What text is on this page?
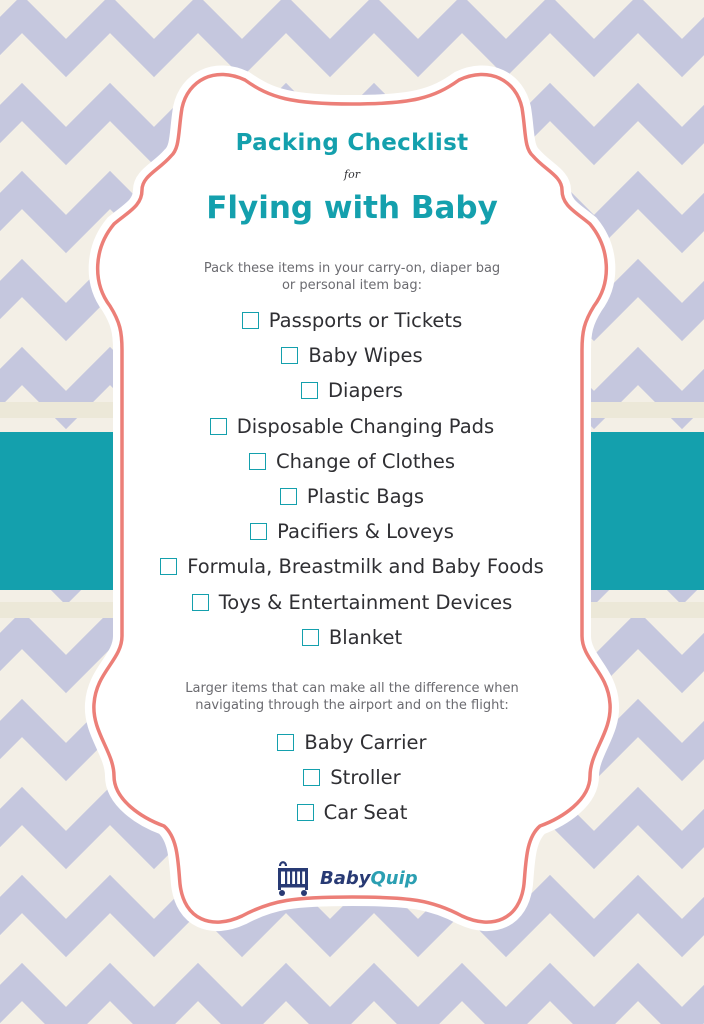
Packing Checklist
for
Flying with Baby
Pack these items in your carry-on, diaper bag
or personal item bag:
Passports or Tickets
Baby Wipes
Diapers
Disposable Changing Pads
Change of Clothes
Plastic Bags
Pacifiers & Loveys
Formula, Breastmilk and Baby Foods
Toys & Entertainment Devices
Blanket
Larger items that can make all the difference when
navigating through the airport and on the flight:
Baby Carrier
Stroller
Car Seat
BabyQuip
